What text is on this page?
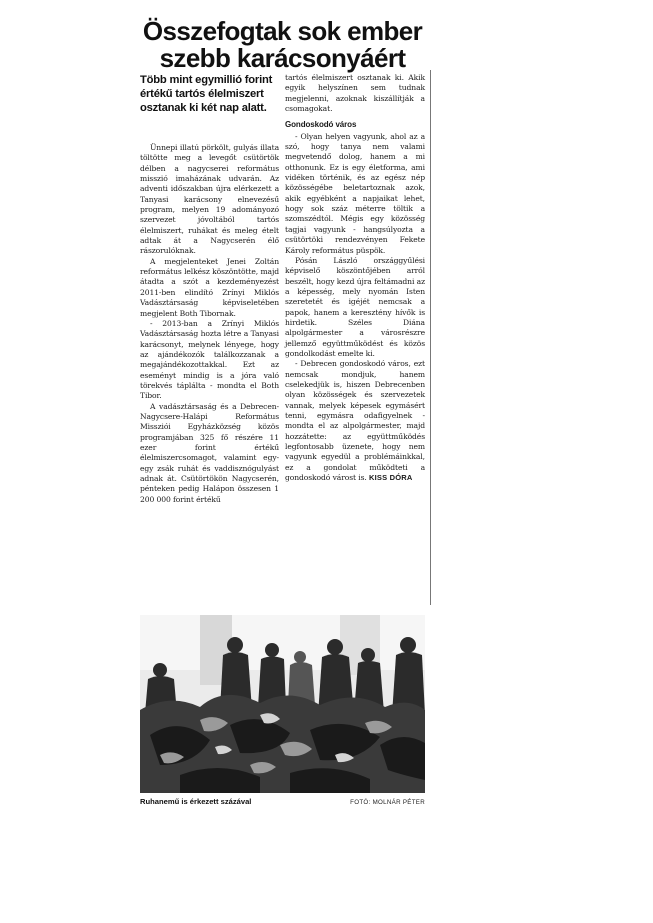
Összefogtak sok ember szebb karácsonyáért

Több mint egymillió forint értékű tartós élelmiszert osztanak ki két nap alatt.

Ünnepi illatú pörkölt, gulyás illata töltötte meg a levegőt csütörtök délben a nagycserei református misszió imaházának udvarán. Az adventi időszakban újra elérkezett a Tanyasi karácsony elnevezésű program, melyen 19 adományozó szervezet jóvoltából tartós élelmiszert, ruhákat és meleg ételt adtak át a Nagycserén élő rászorulóknak.

A megjelenteket Jenei Zoltán református lelkész köszöntötte, majd átadta a szót a kezdeményezést 2011-ben elindító Zrínyi Miklós Vadásztársaság képviseletében megjelent Both Tibornak.

- 2013-ban a Zrínyi Miklós Vadásztársaság hozta létre a Tanyasi karácsonyt, melynek lényege, hogy az ajándékozók találkozzanak a megajándékozottakkal. Ezt az eseményt mindig is a jóra való törekvés táplálta - mondta el Both Tibor.

A vadásztársaság és a Debrecen-Nagycsere-Halápi Református Missziói Egyházközség közös programjában 325 fő részére 11 ezer forint értékű élelmiszercsomagot, valamint egy-egy zsák ruhát és vaddisznógulyást adnak át. Csütörtökön Nagycserén, pénteken pedig Halápon összesen 1 200 000 forint értékű

tartós élelmiszert osztanak ki. Akik egyik helyszínen sem tudnak megjelenni, azoknak kiszállítják a csomagokat.

Gondoskodó város

- Olyan helyen vagyunk, ahol az a szó, hogy tanya nem valami megvetendő dolog, hanem a mi otthonunk. Ez is egy életforma, ami vidéken történik, és az egész nép közösségébe beletartoznak azok, akik egyébként a napjaikat lehet, hogy sok száz méterre töltik a szomszédtól. Mégis egy közösség tagjai vagyunk - hangsúlyozta a csütörtöki rendezvényen Fekete Károly református püspök.

Pósán László országgyűlési képviselő köszöntőjében arról beszélt, hogy kezd újra feltámadni az a képesség, mely nyomán Isten szeretetét és igéjét nemcsak a papok, hanem a keresztény hívők is hirdetik. Széles Diána alpolgármester a városrészre jellemző együttműködést és közös gondolkodást emelte ki.

- Debrecen gondoskodó város, ezt nemcsak mondjuk, hanem cselekedjük is, hiszen Debrecenben olyan közösségek és szervezetek vannak, melyek képesek egymásért tenni, egymásra odafigyelnek - mondta el az alpolgármester, majd hozzátette: az együttműködés legfontosabb üzenete, hogy nem vagyunk egyedül a problémáinkkal, ez a gondolat működteti a gondoskodó várost is. KISS DÓRA

Ruhanemű is érkezett százával	FOTÓ: MOLNÁR PÉTER
